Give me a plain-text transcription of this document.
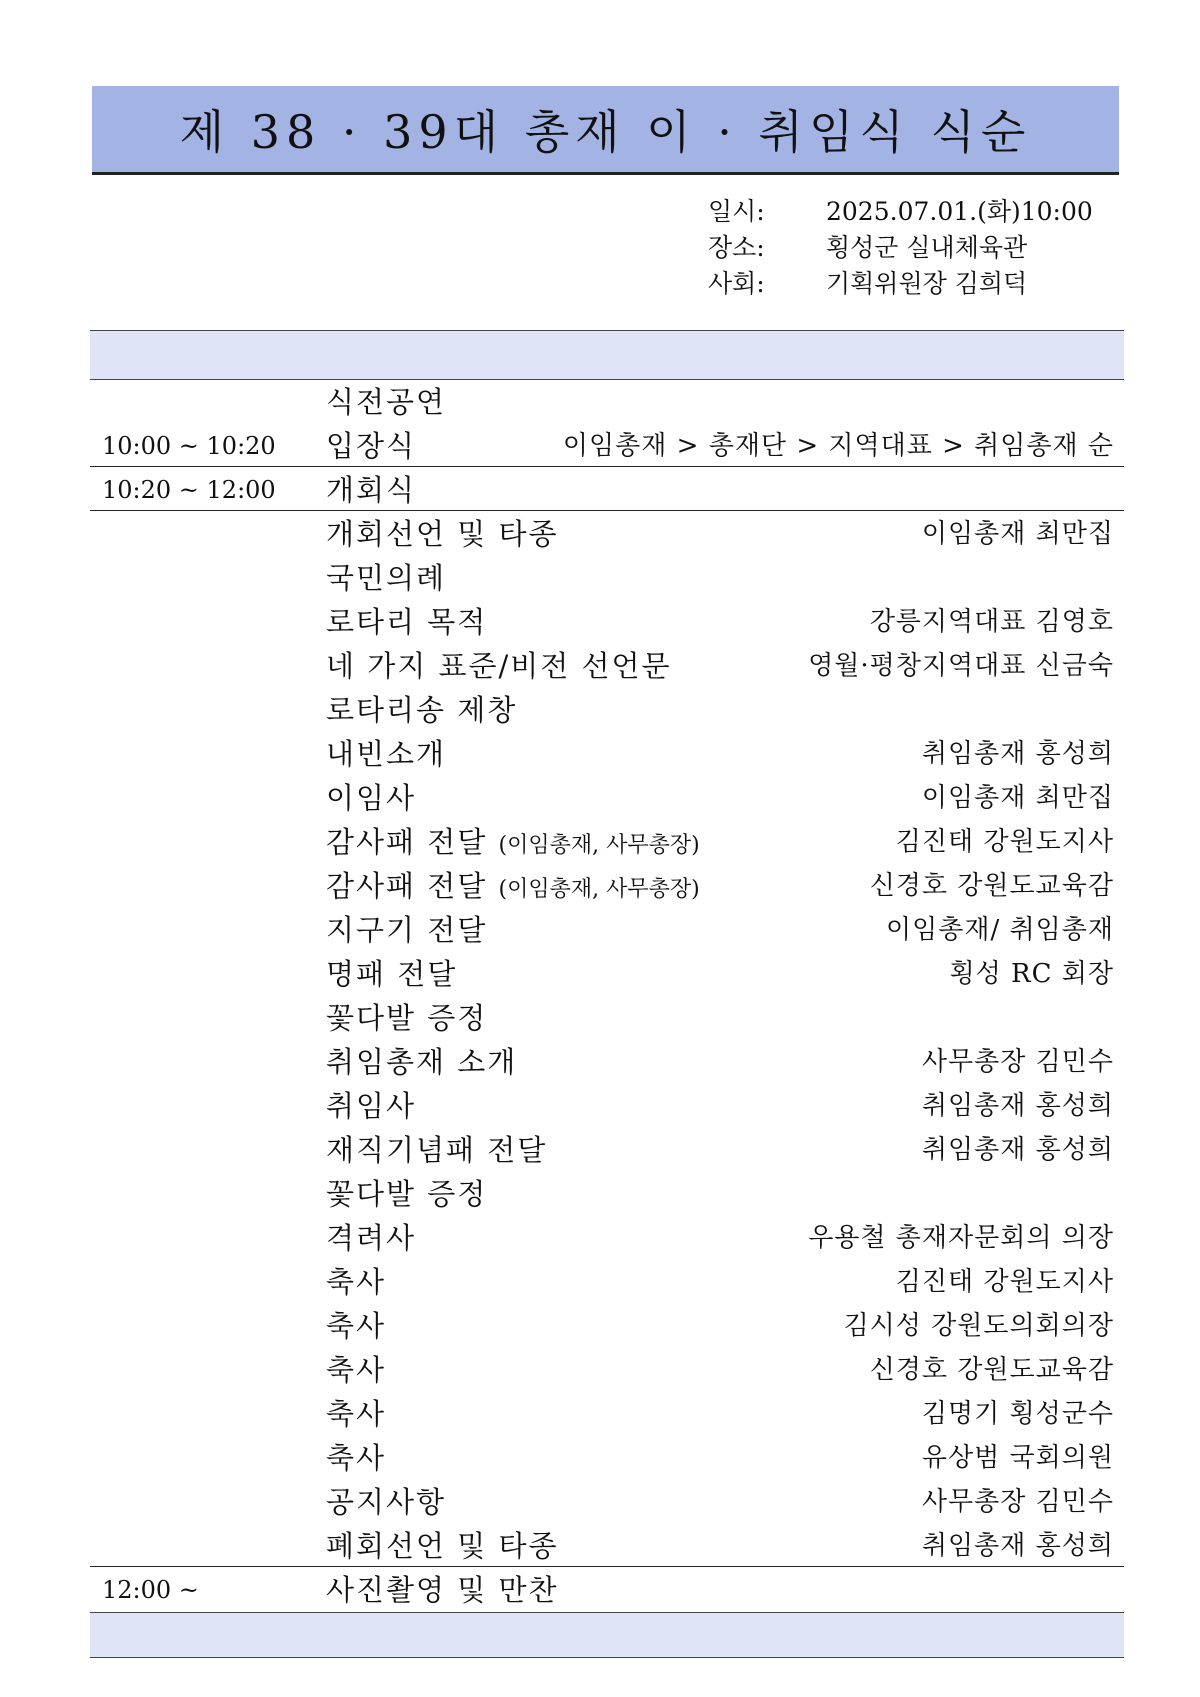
제 38 · 39대 총재 이 · 취임식 식순
일시:	2025.07.01.(화)10:00
장소:	횡성군 실내체육관
사회:	기획위원장 김희덕
식전공연
10:00 ~ 10:20 입장식	이임총재 > 총재단 > 지역대표 > 취임총재 순
10:20 ~ 12:00 개회식
개회선언 및 타종	이임총재 최만집
국민의례
로타리 목적	강릉지역대표 김영호
네 가지 표준/비전 선언문	영월·평창지역대표 신금숙
로타리송 제창
내빈소개	취임총재 홍성희
이임사	이임총재 최만집
감사패 전달 (이임총재, 사무총장)	김진태 강원도지사
감사패 전달 (이임총재, 사무총장)	신경호 강원도교육감
지구기 전달	이임총재/ 취임총재
명패 전달	횡성 RC 회장
꽃다발 증정
취임총재 소개	사무총장 김민수
취임사	취임총재 홍성희
재직기념패 전달	취임총재 홍성희
꽃다발 증정
격려사	우용철 총재자문회의 의장
축사	김진태 강원도지사
축사	김시성 강원도의회의장
축사	신경호 강원도교육감
축사	김명기 횡성군수
축사	유상범 국회의원
공지사항	사무총장 김민수
폐회선언 및 타종	취임총재 홍성희
12:00 ~	사진촬영 및 만찬
